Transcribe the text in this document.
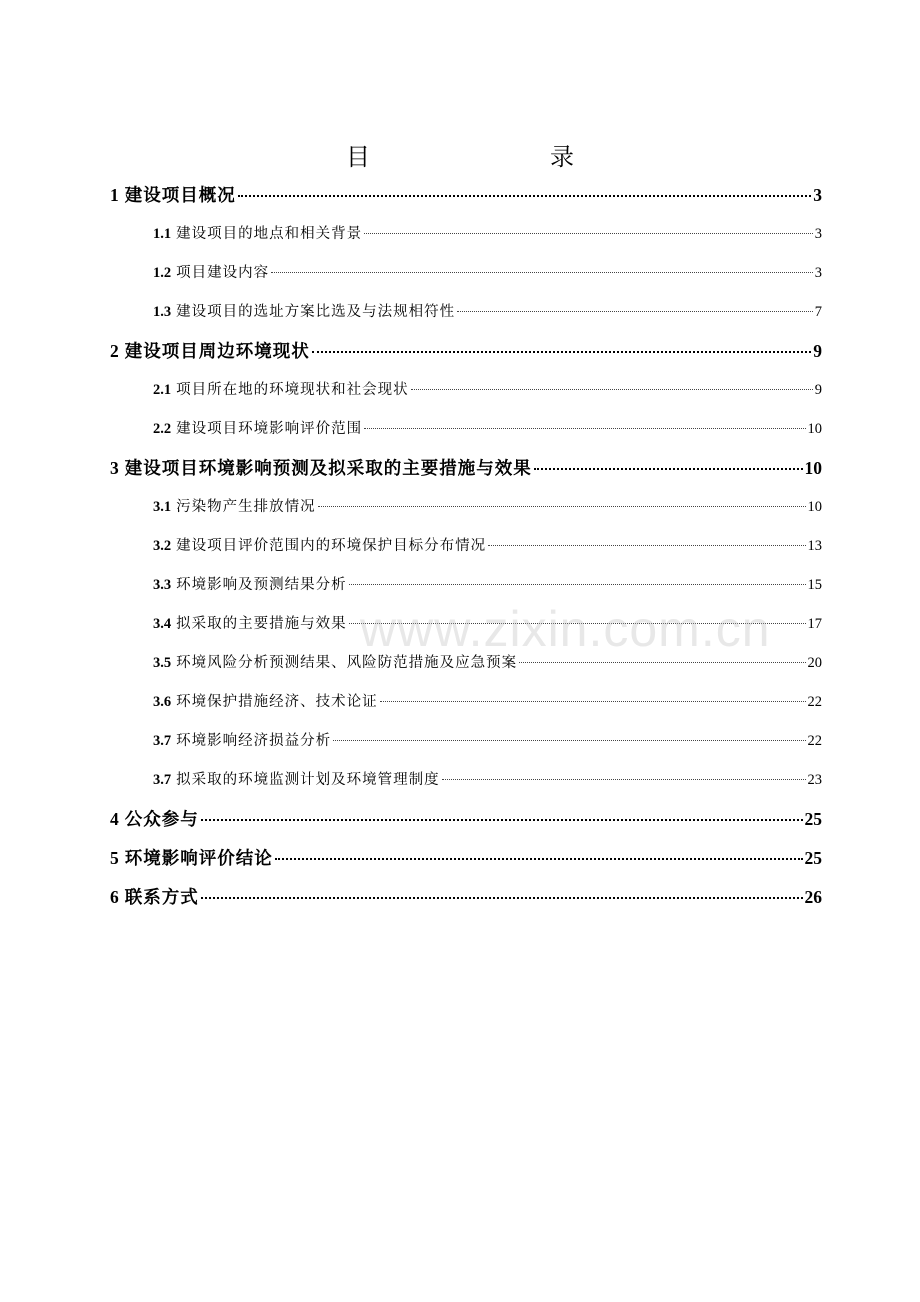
目　　录
1 建设项目概况	3
1.1 建设项目的地点和相关背景	3
1.2 项目建设内容	3
1.3 建设项目的选址方案比选及与法规相符性	7
2 建设项目周边环境现状	9
2.1 项目所在地的环境现状和社会现状	9
2.2 建设项目环境影响评价范围	10
3 建设项目环境影响预测及拟采取的主要措施与效果	10
3.1 污染物产生排放情况	10
3.2 建设项目评价范围内的环境保护目标分布情况	13
3.3 环境影响及预测结果分析	15
3.4 拟采取的主要措施与效果	17
3.5 环境风险分析预测结果、风险防范措施及应急预案	20
3.6 环境保护措施经济、技术论证	22
3.7 环境影响经济损益分析	22
3.7 拟采取的环境监测计划及环境管理制度	23
4 公众参与	25
5 环境影响评价结论	25
6 联系方式	26
www.zixin.com.cn
